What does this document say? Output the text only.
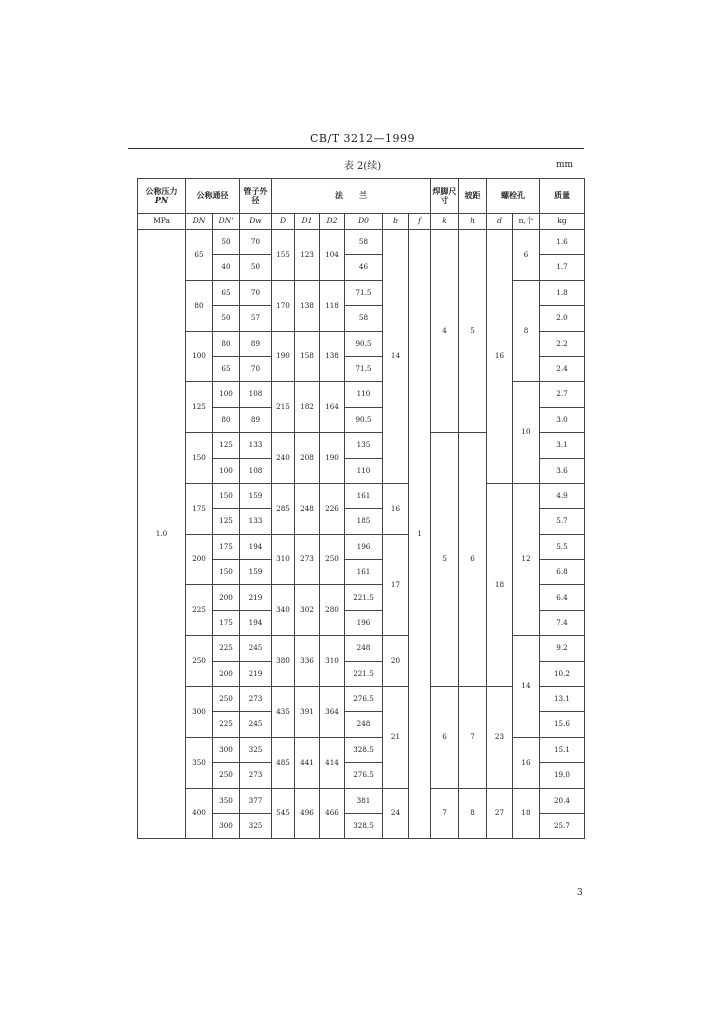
CB/T 3212—1999
表 2(续)	mm
公称压力
PN	公称通径		管子外径	法　　兰						焊脚尺寸	坡距	螺栓孔		质量
MPa	DN	DN'	Dw	D	D1	D2	D0	b	f	k	h	d	n,个	kg
1.0	65	50	70	155	123	104	58	14	1	4	5	16	6	1.6
		40	50				46							1.7
	80	65	70	170	138	118	71.5						8	1.8
		50	57				58							2.0
	100	80	89	190	158	138	90.5							2.2
		65	70				71.5							2.4
	125	100	108	215	182	164	110						10	2.7
		80	89				90.5							3.0
	150	125	133	240	208	190	135			5	6			3.1
		100	108				110							3.6
	175	150	159	285	248	226	161	16				18	12	4.9
		125	133				185							5.7
	200	175	194	310	273	250	196	17						5.5
		150	159				161							6.8
	225	200	219	340	302	280	221.5							6.4
		175	194				196							7.4
	250	225	245	380	336	310	248	20					14	9.2
		200	219				221.5							10.2
	300	250	273	435	391	364	276.5	21		6	7	23		13.1
		225	245				248							15.6
	350	300	325	485	441	414	328.5						16	15.1
		250	273				276.5							19.0
	400	350	377	545	496	466	381	24		7	8	27	18	20.4
		300	325				328.5							25.7
3
